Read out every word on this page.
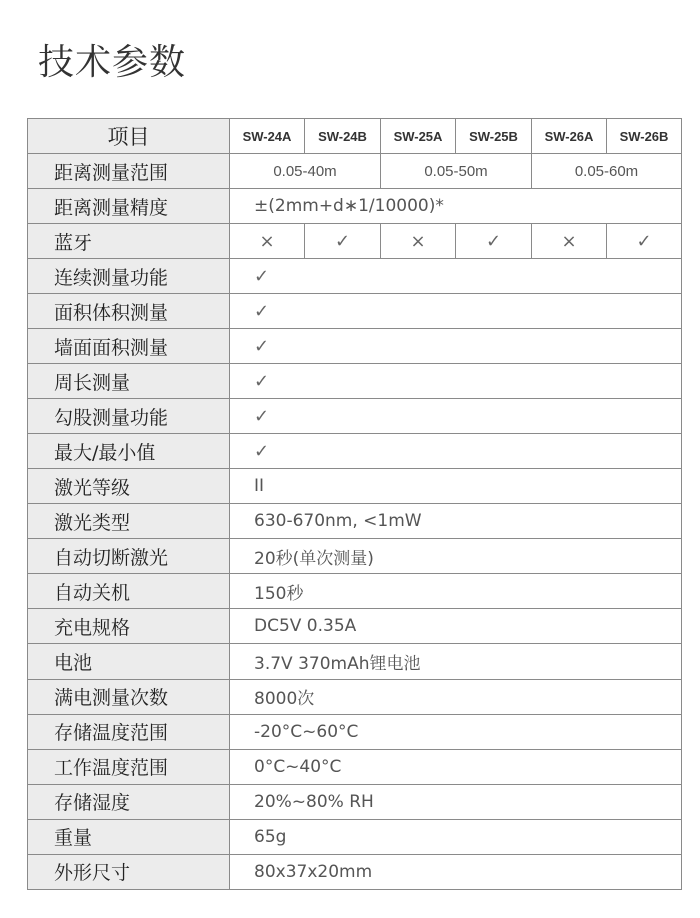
技术参数
项目	SW-24A	SW-24B	SW-25A	SW-25B	SW-26A	SW-26B
距离测量范围	0.05-40m		0.05-50m		0.05-60m	
距离测量精度	±(2mm+d∗1/10000)*					
蓝牙	×	✓	×	✓	×	✓
连续测量功能	✓					
面积体积测量	✓					
墙面面积测量	✓					
周长测量	✓					
勾股测量功能	✓					
最大/最小值	✓					
激光等级	II					
激光类型	630-670nm, <1mW					
自动切断激光	20秒(单次测量)					
自动关机	150秒					
充电规格	DC5V 0.35A					
电池	3.7V 370mAh锂电池					
满电测量次数	8000次					
存储温度范围	-20°C~60°C					
工作温度范围	0°C~40°C					
存储湿度	20%~80% RH					
重量	65g					
外形尺寸	80x37x20mm					
